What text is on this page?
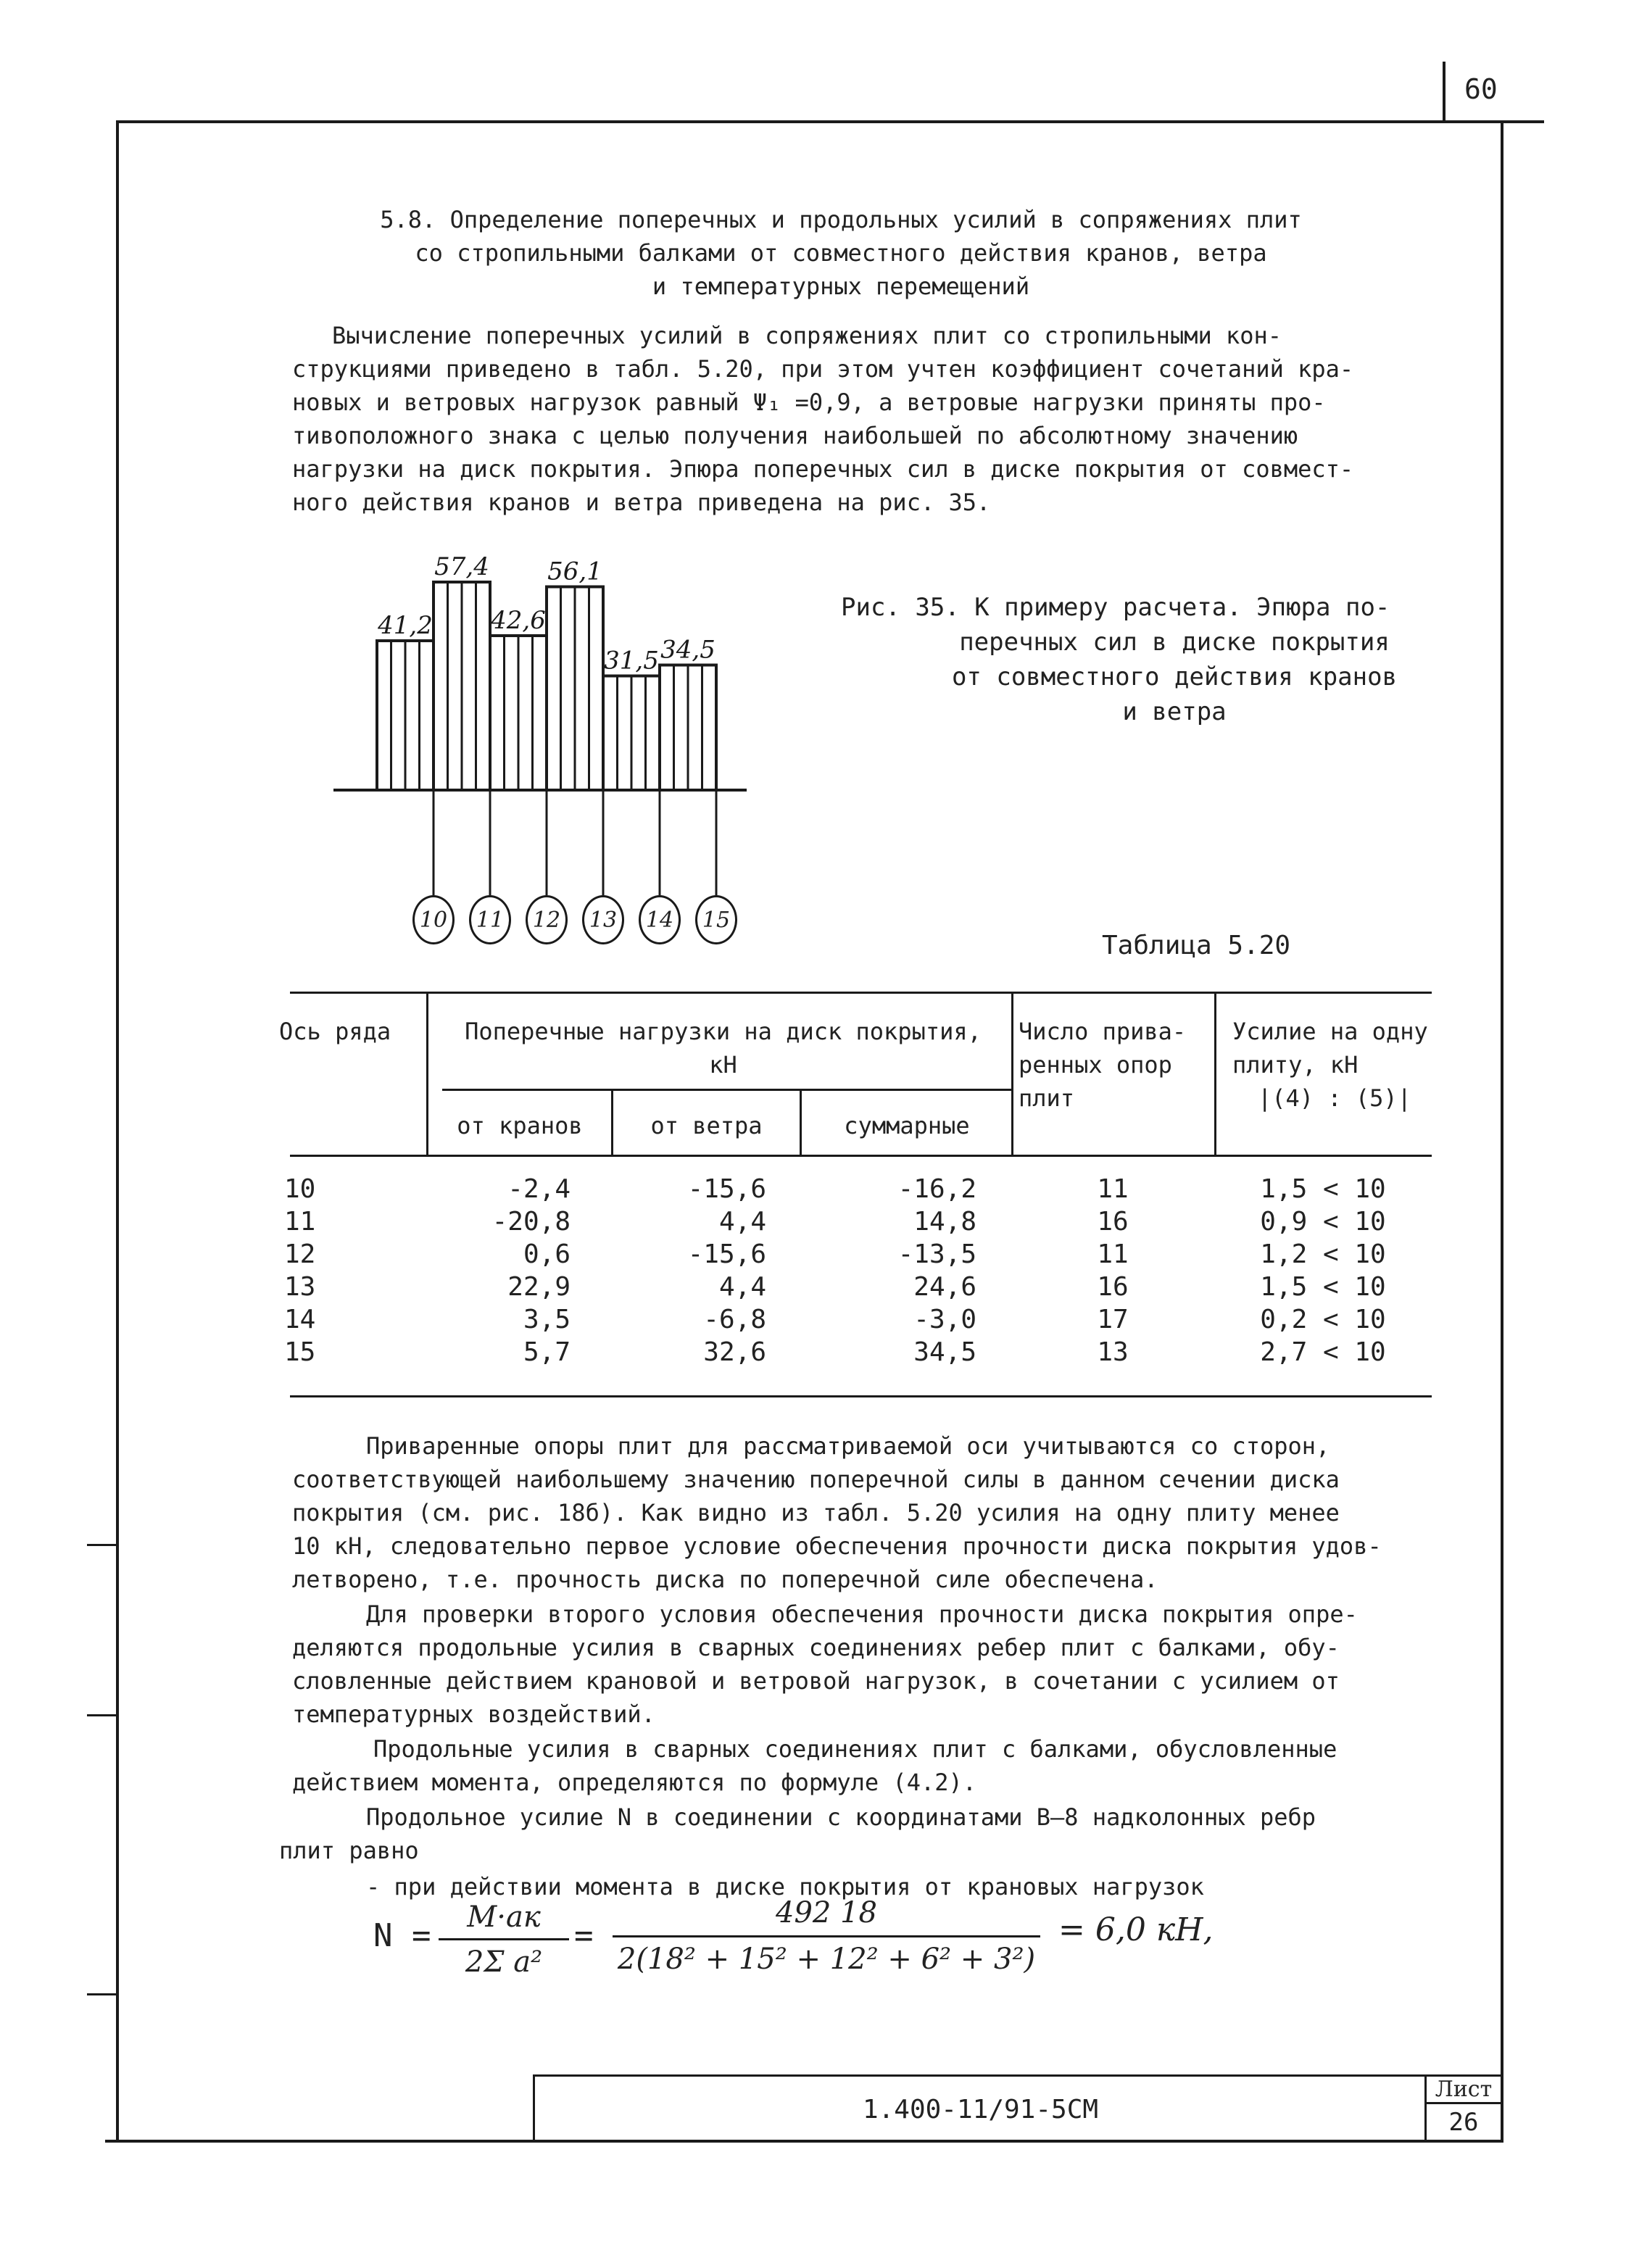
60
5.8. Определение поперечных и продольных усилий в сопряжениях плит
со стропильными балками от совместного действия кранов, ветра
и температурных перемещений
Вычисление поперечных усилий в сопряжениях плит со стропильными кон-
струкциями приведено в табл. 5.20, при этом учтен коэффициент сочетаний кра-
новых и ветровых нагрузок равный Ψ₁ =0,9, а ветровые нагрузки приняты про-
тивоположного знака с целью получения наибольшей по абсолютному значению
нагрузки на диск покрытия. Эпюра поперечных сил в диске покрытия от совмест-
ного действия кранов и ветра приведена на рис. 35.
41,2
57,4
42,6
56,1
31,5 34,5
10	11	12	13	14	15
Рис. 35. К примеру расчета. Эпюра по-
перечных сил в диске покрытия
от совместного действия кранов
и ветра
Таблица 5.20
Ось ряда	Поперечные нагрузки на диск покрытия,
кН
от кранов	от ветра	суммарные
Число прива-
ренных опор
плит
Усилие на одну
плиту, кН
|(4) : (5)|
10	-2,4	-15,6	-16,2	11	1,5 < 10
11	-20,8	4,4	14,8	16	0,9 < 10
12	0,6	-15,6	-13,5	11	1,2 < 10
13	22,9	4,4	24,6	16	1,5 < 10
14	3,5	-6,8	-3,0	17	0,2 < 10
15	5,7	32,6	34,5	13	2,7 < 10
Приваренные опоры плит для рассматриваемой оси учитываются со сторон,
соответствующей наибольшему значению поперечной силы в данном сечении диска
покрытия (см. рис. 18б). Как видно из табл. 5.20 усилия на одну плиту менее
10 кН, следовательно первое условие обеспечения прочности диска покрытия удов-
летворено, т.е. прочность диска по поперечной силе обеспечена.
Для проверки второго условия обеспечения прочности диска покрытия опре-
деляются продольные усилия в сварных соединениях ребер плит с балками, обу-
словленные действием крановой и ветровой нагрузок, в сочетании с усилием от
температурных воздействий.
Продольные усилия в сварных соединениях плит с балками, обусловленные
действием момента, определяются по формуле (4.2).
Продольное усилие N в соединении с координатами В–8 надколонных ребр
плит равно
- при действии момента в диске покрытия от крановых нагрузок
N =	M·aк
2Σ a²
=
492 18
2(18² + 15² + 12² + 6² + 3²)
= 6,0 кН,
1.400-11/91-5СМ
Лист
26
